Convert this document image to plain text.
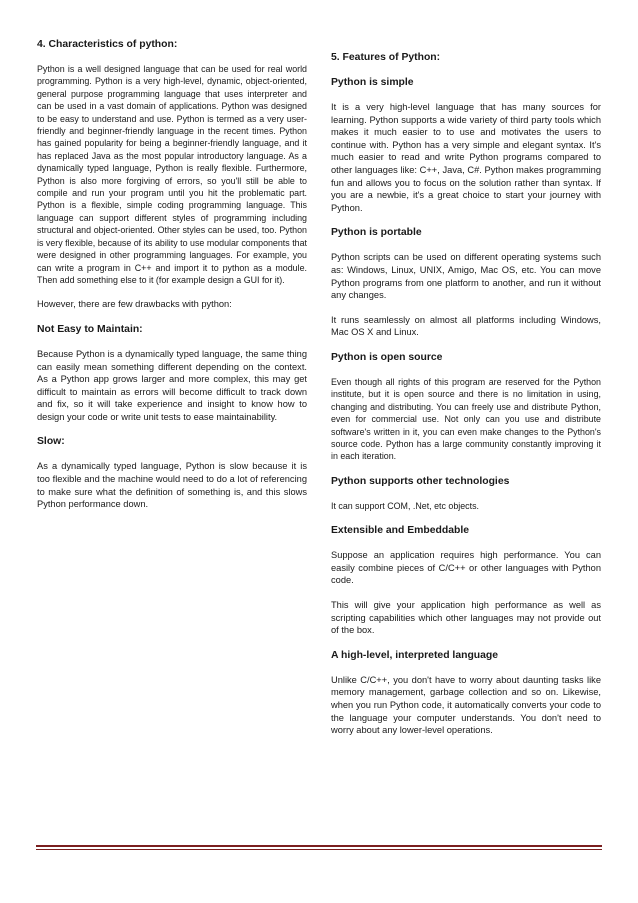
4. Characteristics of python:
Python is a well designed language that can be used for real world programming. Python is a very high-level, dynamic, object-oriented, general purpose programming language that uses interpreter and can be used in a vast domain of applications. Python was designed to be easy to understand and use. Python is termed as a very user-friendly and beginner-friendly language in the recent times. Python has gained popularity for being a beginner-friendly language, and it has replaced Java as the most popular introductory language. As a dynamically typed language, Python is really flexible. Furthermore, Python is also more forgiving of errors, so you'll still be able to compile and run your program until you hit the problematic part. Python is a flexible, simple coding programming language. This language can support different styles of programming including structural and object-oriented. Other styles can be used, too. Python is very flexible, because of its ability to use modular components that were designed in other programming languages. For example, you can write a program in C++ and import it to python as a module. Then add something else to it (for example design a GUI for it).
However, there are few drawbacks with python:
Not Easy to Maintain:
Because Python is a dynamically typed language, the same thing can easily mean something different depending on the context. As a Python app grows larger and more complex, this may get difficult to maintain as errors will become difficult to track down and fix, so it will take experience and insight to know how to design your code or write unit tests to ease maintainability.
Slow:
As a dynamically typed language, Python is slow because it is too flexible and the machine would need to do a lot of referencing to make sure what the definition of something is, and this slows Python performance down.
5. Features of Python:
Python is simple
It is a very high-level language that has many sources for learning. Python supports a wide variety of third party tools which makes it much easier to to use and motivates the users to continue with. Python has a very simple and elegant syntax. It's much easier to read and write Python programs compared to other languages like: C++, Java, C#. Python makes programming fun and allows you to focus on the solution rather than syntax. If you are a newbie, it's a great choice to start your journey with Python.
Python is portable
Python scripts can be used on different operating systems such as: Windows, Linux, UNIX, Amigo, Mac OS, etc. You can move Python programs from one platform to another, and run it without any changes.
It runs seamlessly on almost all platforms including Windows, Mac OS X and Linux.
Python is open source
Even though all rights of this program are reserved for the Python institute, but it is open source and there is no limitation in using, changing and distributing. You can freely use and distribute Python, even for commercial use. Not only can you use and distribute software's written in it, you can even make changes to the Python's source code. Python has a large community constantly improving it in each iteration.
Python supports other technologies
It can support COM, .Net, etc objects.
Extensible and Embeddable
Suppose an application requires high performance. You can easily combine pieces of C/C++ or other languages with Python code.
This will give your application high performance as well as scripting capabilities which other languages may not provide out of the box.
A high-level, interpreted language
Unlike C/C++, you don't have to worry about daunting tasks like memory management, garbage collection and so on. Likewise, when you run Python code, it automatically converts your code to the language your computer understands. You don't need to worry about any lower-level operations.
